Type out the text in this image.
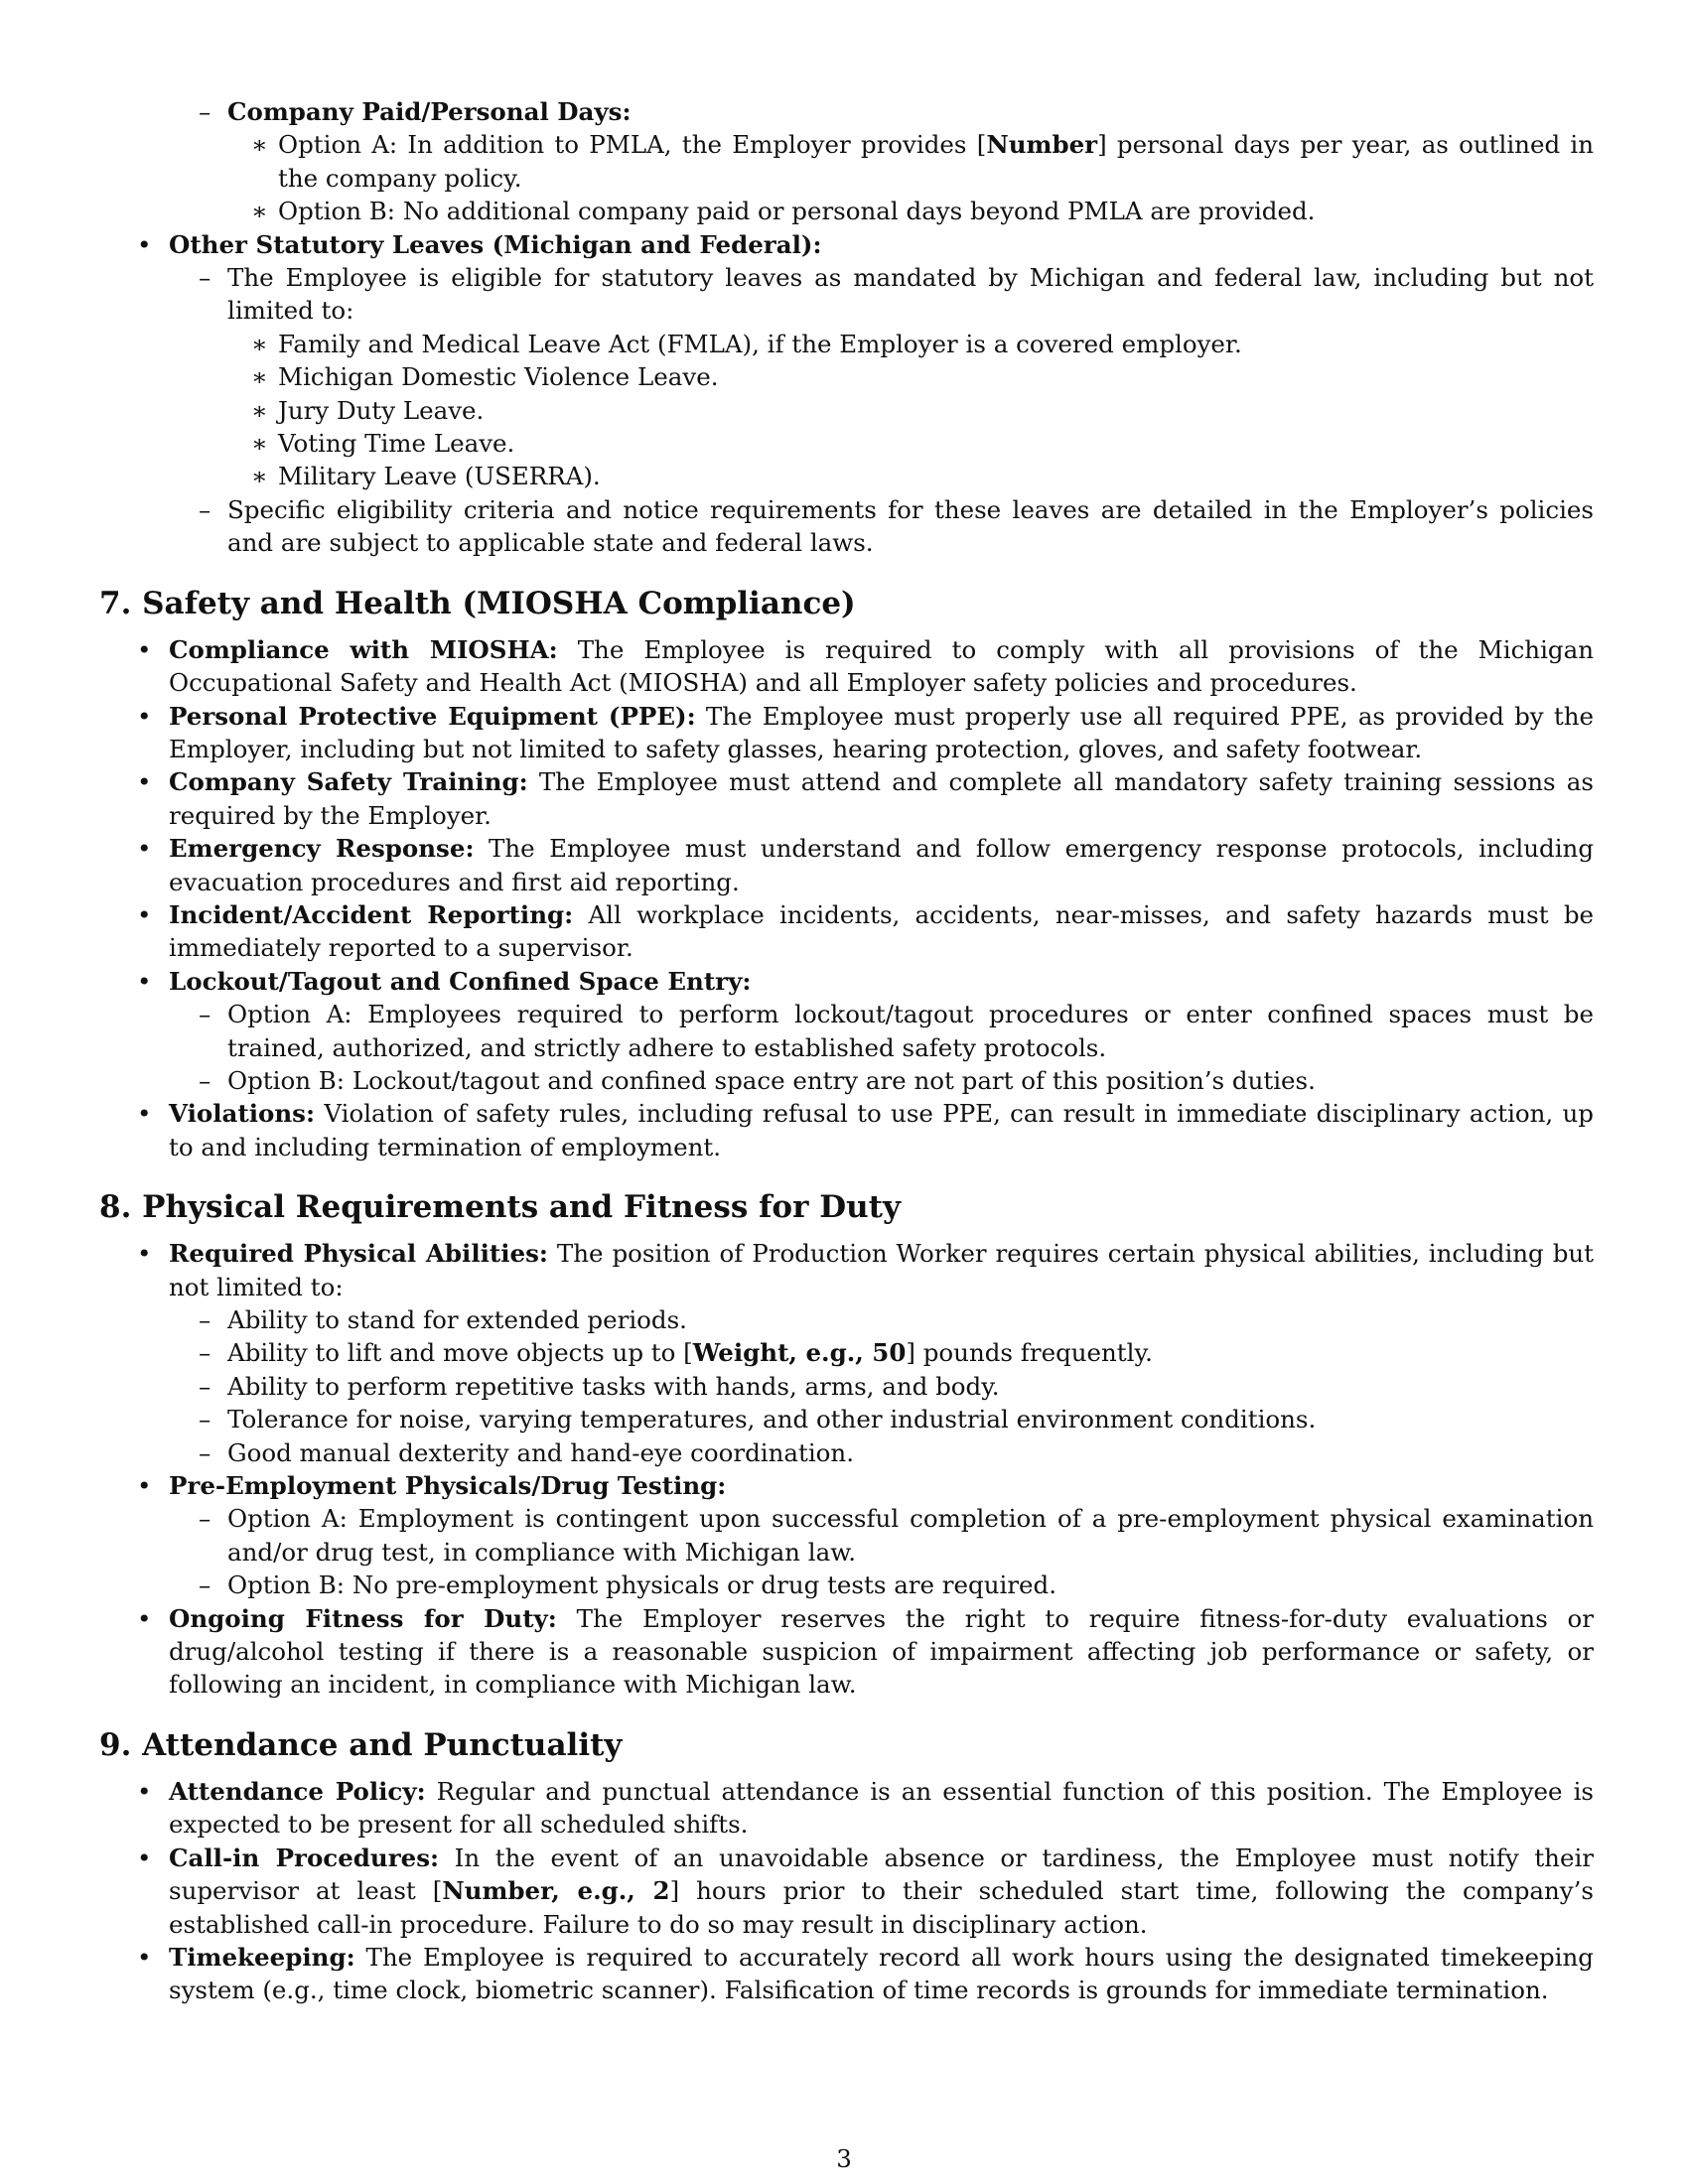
– Company Paid/Personal Days:
∗ Option A: In addition to PMLA, the Employer provides [Number] personal days per year, as outlined in the company policy.
∗ Option B: No additional company paid or personal days beyond PMLA are provided.
• Other Statutory Leaves (Michigan and Federal):
– The Employee is eligible for statutory leaves as mandated by Michigan and federal law, including but not limited to:
∗ Family and Medical Leave Act (FMLA), if the Employer is a covered employer.
∗ Michigan Domestic Violence Leave.
∗ Jury Duty Leave.
∗ Voting Time Leave.
∗ Military Leave (USERRA).
– Specific eligibility criteria and notice requirements for these leaves are detailed in the Employer’s policies and are subject to applicable state and federal laws.
7. Safety and Health (MIOSHA Compliance)
• Compliance with MIOSHA: The Employee is required to comply with all provisions of the Michigan Occupational Safety and Health Act (MIOSHA) and all Employer safety policies and procedures.
• Personal Protective Equipment (PPE): The Employee must properly use all required PPE, as provided by the Employer, including but not limited to safety glasses, hearing protection, gloves, and safety footwear.
• Company Safety Training: The Employee must attend and complete all mandatory safety training sessions as required by the Employer.
• Emergency Response: The Employee must understand and follow emergency response protocols, including evacuation procedures and first aid reporting.
• Incident/Accident Reporting: All workplace incidents, accidents, near-misses, and safety hazards must be immediately reported to a supervisor.
• Lockout/Tagout and Confined Space Entry:
– Option A: Employees required to perform lockout/tagout procedures or enter confined spaces must be trained, authorized, and strictly adhere to established safety protocols.
– Option B: Lockout/tagout and confined space entry are not part of this position’s duties.
• Violations: Violation of safety rules, including refusal to use PPE, can result in immediate disciplinary action, up to and including termination of employment.
8. Physical Requirements and Fitness for Duty
• Required Physical Abilities: The position of Production Worker requires certain physical abilities, including but not limited to:
– Ability to stand for extended periods.
– Ability to lift and move objects up to [Weight, e.g., 50] pounds frequently.
– Ability to perform repetitive tasks with hands, arms, and body.
– Tolerance for noise, varying temperatures, and other industrial environment conditions.
– Good manual dexterity and hand-eye coordination.
• Pre-Employment Physicals/Drug Testing:
– Option A: Employment is contingent upon successful completion of a pre-employment physical examination and/or drug test, in compliance with Michigan law.
– Option B: No pre-employment physicals or drug tests are required.
• Ongoing Fitness for Duty: The Employer reserves the right to require fitness-for-duty evaluations or drug/alcohol testing if there is a reasonable suspicion of impairment affecting job performance or safety, or following an incident, in compliance with Michigan law.
9. Attendance and Punctuality
• Attendance Policy: Regular and punctual attendance is an essential function of this position. The Employee is expected to be present for all scheduled shifts.
• Call-in Procedures: In the event of an unavoidable absence or tardiness, the Employee must notify their supervisor at least [Number, e.g., 2] hours prior to their scheduled start time, following the company’s established call-in procedure. Failure to do so may result in disciplinary action.
• Timekeeping: The Employee is required to accurately record all work hours using the designated timekeeping system (e.g., time clock, biometric scanner). Falsification of time records is grounds for immediate termination.
3
